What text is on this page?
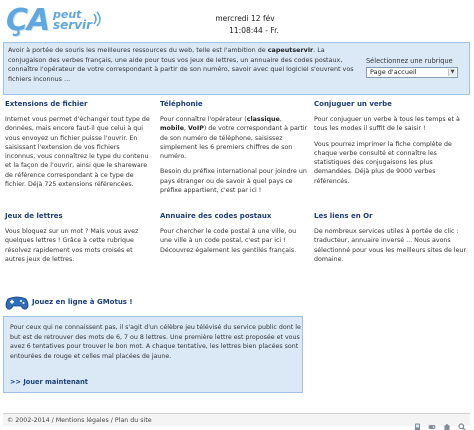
ÇA peut
servir	mercredi 12 fév
11:08:44 - Fr.
Avoir à portée de souris les meilleures ressources du web, telle est l'ambition de capeutservir. La conjugaison des verbes français, une aide pour tous vos jeux de lettres, un annuaire des codes postaux, connaître l'opérateur de votre correspondant à partir de son numéro, savoir avec quel logiciel s'ouvrent vos fichiers inconnus ...
Sélectionnez une rubrique
Page d'accueil	▼
Extensions de fichier

Internet vous permet d'échanger tout type de données, mais encore faut-il que celui à qui vous envoyez un fichier puisse l'ouvrir. En saisissant l'extension de vos fichiers inconnus, vous connaîtrez le type du contenu et la façon de l'ouvrir, ainsi que le shareware de référence correspondant à ce type de fichier. Déjà 725 extensions référencées.

Téléphonie

Pour connaître l'opérateur (classique, mobile, VoIP) de votre correspondant à partir de son numéro de téléphone, saisissez simplement les 6 premiers chiffres de son numéro.

Besoin du préfixe international pour joindre un pays étranger ou de savoir à quel pays ce préfixe appartient, c'est par ici !

Conjuguer un verbe

Pour conjuguer un verbe à tous les temps et à tous les modes il suffit de le saisir !

Vous pourrez imprimer la fiche complète de chaque verbe consulté et connaître les statistiques des conjugaisons les plus demandées. Déjà plus de 9000 verbes référencés.

Jeux de lettres

Vous bloquez sur un mot ? Mais vous avez quelques lettres ! Grâce à cette rubrique résolvez rapidement vos mots croisés et autres jeux de lettres.

Annuaire des codes postaux

Pour chercher le code postal à une ville, ou une ville à un code postal, c'est par ici ! Découvrez également les gentilés français.

Les liens en Or

De nombreux services utiles à portée de clic : traducteur, annuaire inversé ... Nous avons sélectionné pour vous les meilleurs sites de leur domaine.

Jouez en ligne à GMotus !
Pour ceux qui ne connaissent pas, il s'agit d'un célèbre jeu télévisé du service public dont le but est de retrouver des mots de 6, 7 ou 8 lettres. Une première lettre est proposée et vous avez 6 tentatives pour trouver le bon mot. A chaque tentative, les lettres bien placées sont entourées de rouge et celles mal placées de jaune.
>> Jouer maintenant
© 2002-2014 / Mentions légales / Plan du site
